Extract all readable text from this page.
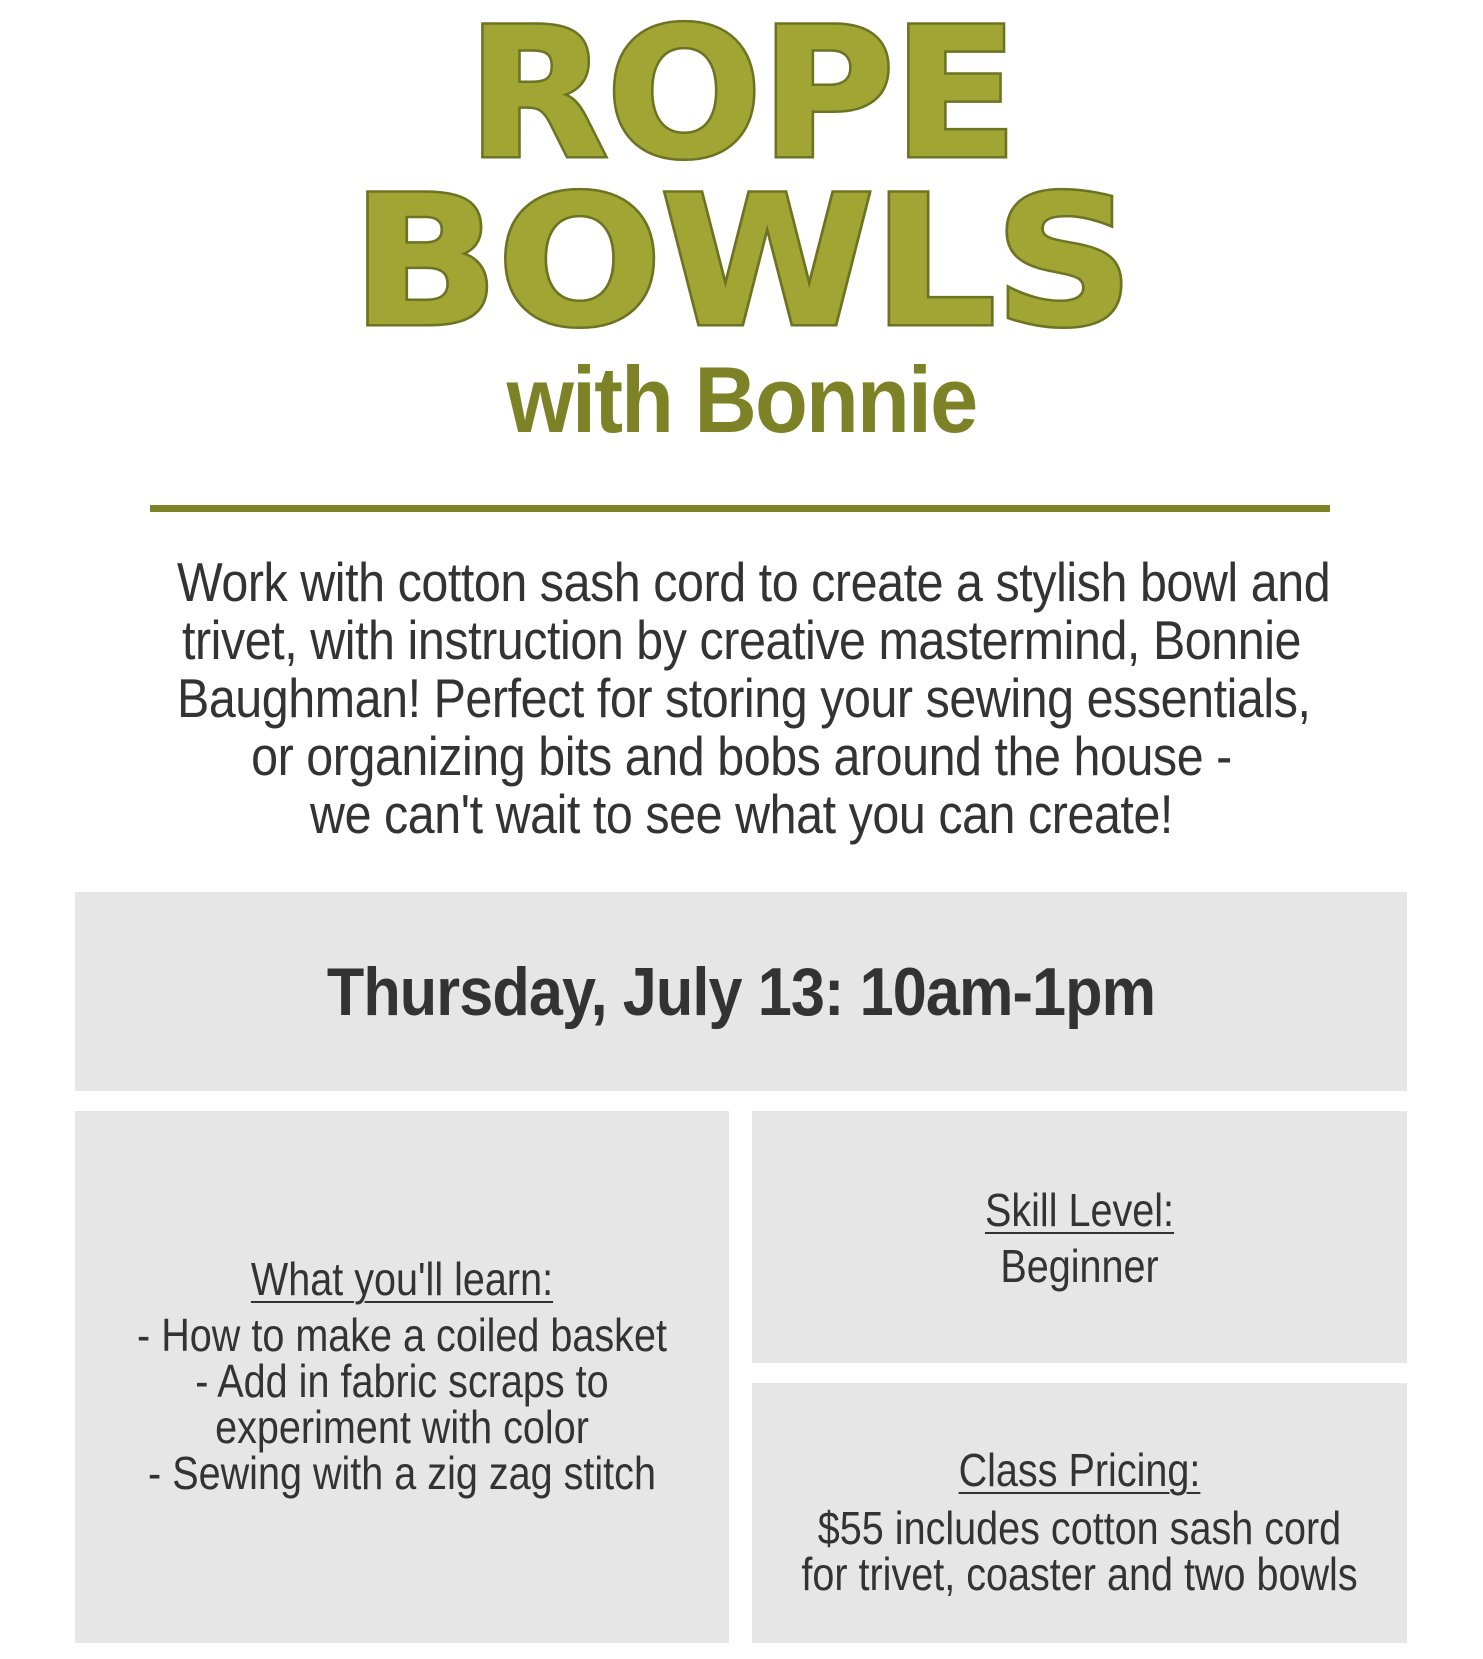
ROPE
BOWLS
with Bonnie
Work with cotton sash cord to create a stylish bowl and
trivet, with instruction by creative mastermind, Bonnie
Baughman! Perfect for storing your sewing essentials,
or organizing bits and bobs around the house -
we can't wait to see what you can create!
Thursday, July 13: 10am-1pm
What you'll learn:
- How to make a coiled basket
- Add in fabric scraps to
experiment with color
- Sewing with a zig zag stitch
Skill Level:
Beginner
Class Pricing:
$55 includes cotton sash cord
for trivet, coaster and two bowls
